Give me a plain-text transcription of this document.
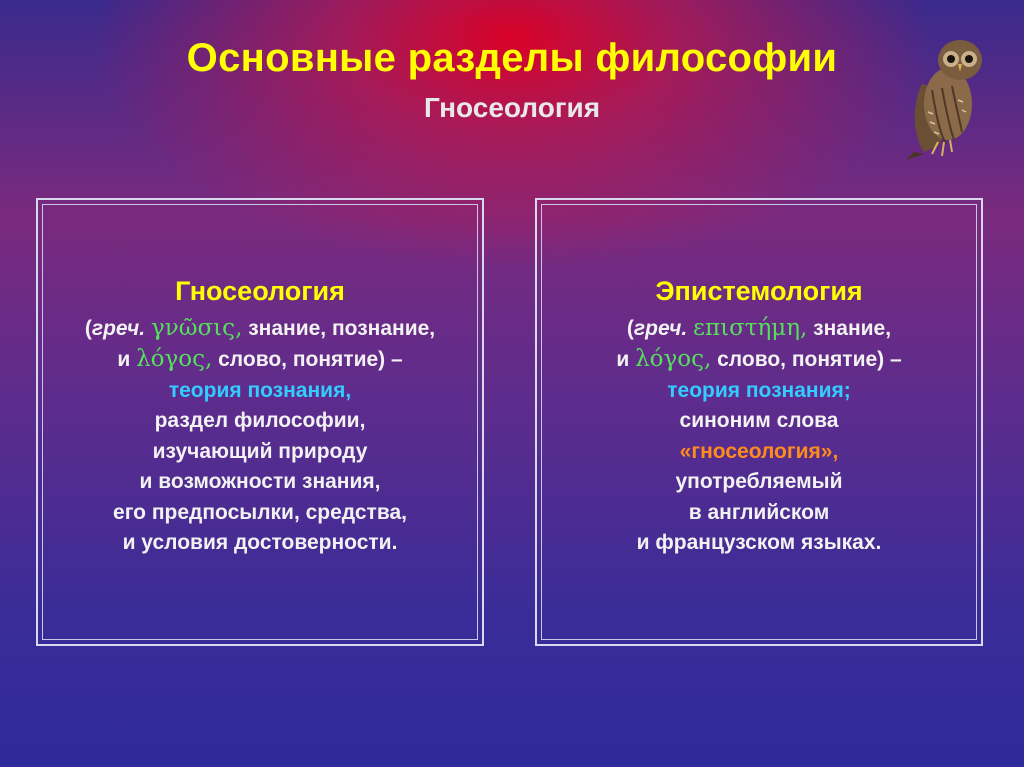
Основные разделы философии
Гносеология
Гносеология
(греч. γνῶσις, знание, познание,
и λόγος, слово, понятие) –
теория познания,
раздел философии,
изучающий природу
и возможности знания,
его предпосылки, средства,
и условия достоверности.
Эпистемология
(греч. επιστήμη, знание,
и λόγος, слово, понятие) –
теория познания;
синоним слова
«гносеология»,
употребляемый
в английском
и французском языках.
